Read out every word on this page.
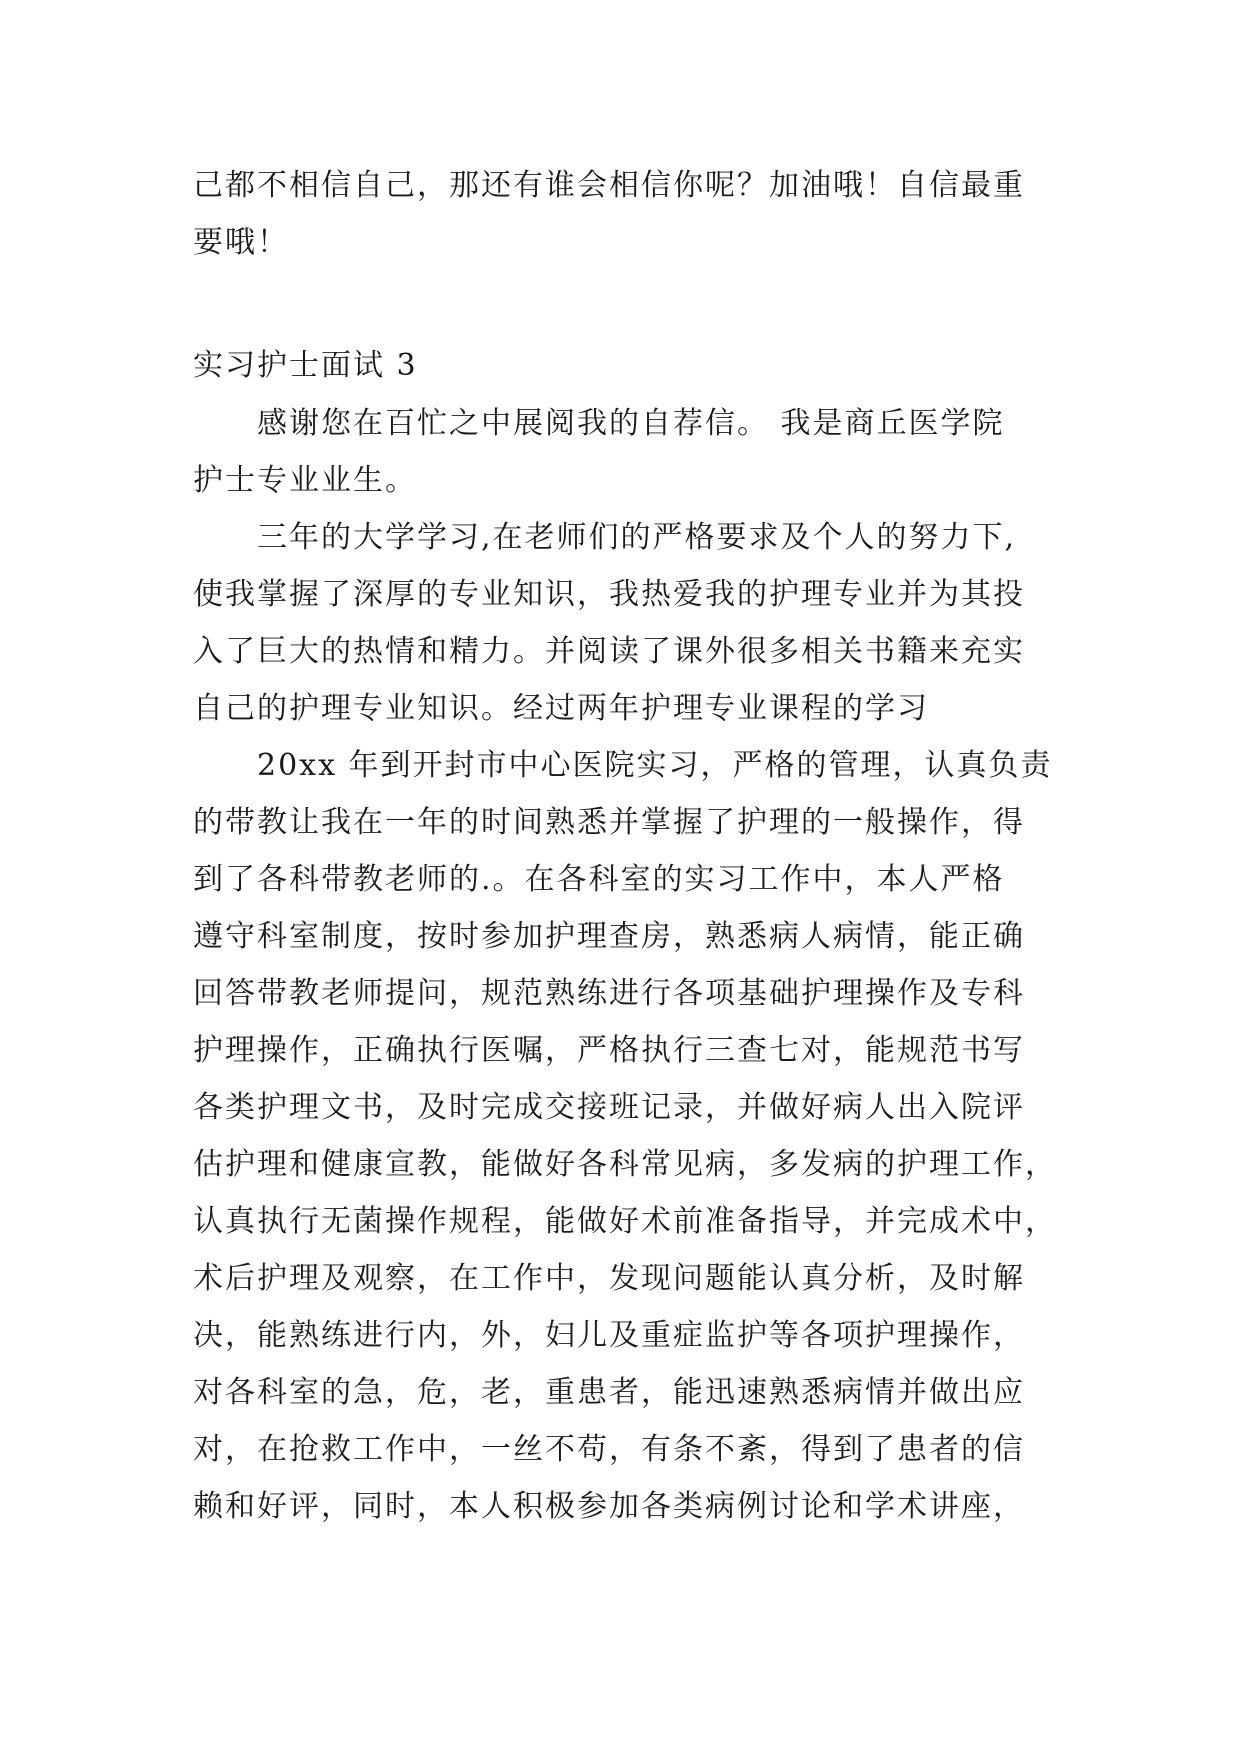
己都不相信自己，那还有谁会相信你呢？加油哦！自信最重
要哦！
实习护士面试 3
　　感谢您在百忙之中展阅我的自荐信。 我是商丘医学院
护士专业业生。
　　三年的大学学习,在老师们的严格要求及个人的努力下,
使我掌握了深厚的专业知识，我热爱我的护理专业并为其投
入了巨大的热情和精力。并阅读了课外很多相关书籍来充实
自己的护理专业知识。经过两年护理专业课程的学习
　　20xx 年到开封市中心医院实习，严格的管理，认真负责
的带教让我在一年的时间熟悉并掌握了护理的一般操作，得
到了各科带教老师的.。在各科室的实习工作中，本人严格
遵守科室制度，按时参加护理查房，熟悉病人病情，能正确
回答带教老师提问，规范熟练进行各项基础护理操作及专科
护理操作，正确执行医嘱，严格执行三查七对，能规范书写
各类护理文书，及时完成交接班记录，并做好病人出入院评
估护理和健康宣教，能做好各科常见病，多发病的护理工作，
认真执行无菌操作规程，能做好术前准备指导，并完成术中，
术后护理及观察，在工作中，发现问题能认真分析，及时解
决，能熟练进行内，外，妇儿及重症监护等各项护理操作，
对各科室的急，危，老，重患者，能迅速熟悉病情并做出应
对，在抢救工作中，一丝不苟，有条不紊，得到了患者的信
赖和好评，同时，本人积极参加各类病例讨论和学术讲座，
